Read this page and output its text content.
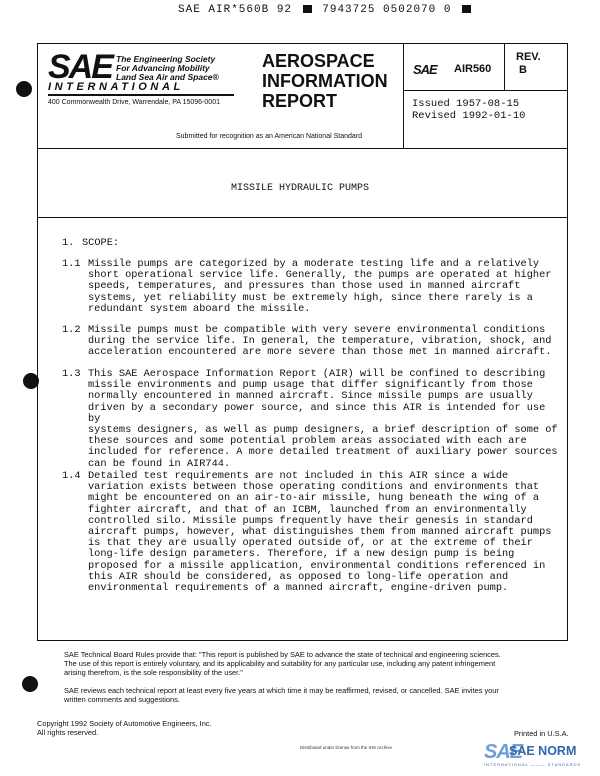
SAE AIR*560B 92	7943725 0502070 0
SAE The Engineering Society
For Advancing Mobility
Land Sea Air and Space®
INTERNATIONAL
400 Commonwealth Drive, Warrendale, PA 15096-0001
AEROSPACE
INFORMATION
REPORT
SAE AIR560
REV.
B
Issued 1957-08-15
Revised 1992-01-10
Submitted for recognition as an American National Standard
MISSILE HYDRAULIC PUMPS
1. SCOPE:
1.1 Missile pumps are categorized by a moderate testing life and a relatively
short operational service life. Generally, the pumps are operated at higher
speeds, temperatures, and pressures than those used in manned aircraft
systems, yet reliability must be extremely high, since there rarely is a
redundant system aboard the missile.
1.2 Missile pumps must be compatible with very severe environmental conditions
during the service life. In general, the temperature, vibration, shock, and
acceleration encountered are more severe than those met in manned aircraft.
1.3 This SAE Aerospace Information Report (AIR) will be confined to describing
missile environments and pump usage that differ significantly from those
normally encountered in manned aircraft. Since missile pumps are usually
driven by a secondary power source, and since this AIR is intended for use by
systems designers, as well as pump designers, a brief description of some of
these sources and some potential problem areas associated with each are
included for reference. A more detailed treatment of auxiliary power sources
can be found in AIR744.
1.4 Detailed test requirements are not included in this AIR since a wide
variation exists between those operating conditions and environments that
might be encountered on an air-to-air missile, hung beneath the wing of a
fighter aircraft, and that of an ICBM, launched from an environmentally
controlled silo. Missile pumps frequently have their genesis in standard
aircraft pumps, however, what distinguishes them from manned aircraft pumps
is that they are usually operated outside of, or at the extreme of their
long-life design parameters. Therefore, if a new design pump is being
proposed for a missile application, environmental conditions referenced in
this AIR should be considered, as opposed to long-life operation and
environmental requirements of a manned aircraft, engine-driven pump.
SAE Technical Board Rules provide that: "This report is published by SAE to advance the state of technical and engineering sciences.
The use of this report is entirely voluntary, and its applicability and suitability for any particular use, including any patent infringement
arising therefrom, is the sole responsibility of the user."
SAE reviews each technical report at least every five years at which time it may be reaffirmed, revised, or cancelled. SAE invites your
written comments and suggestions.
Copyright 1992 Society of Automotive Engineers, Inc.
All rights reserved.	Printed in U.S.A.
Distributed under license from the IHS Archive	SAE
SAE NORM
INTERNATIONAL ——— STANDARDS
